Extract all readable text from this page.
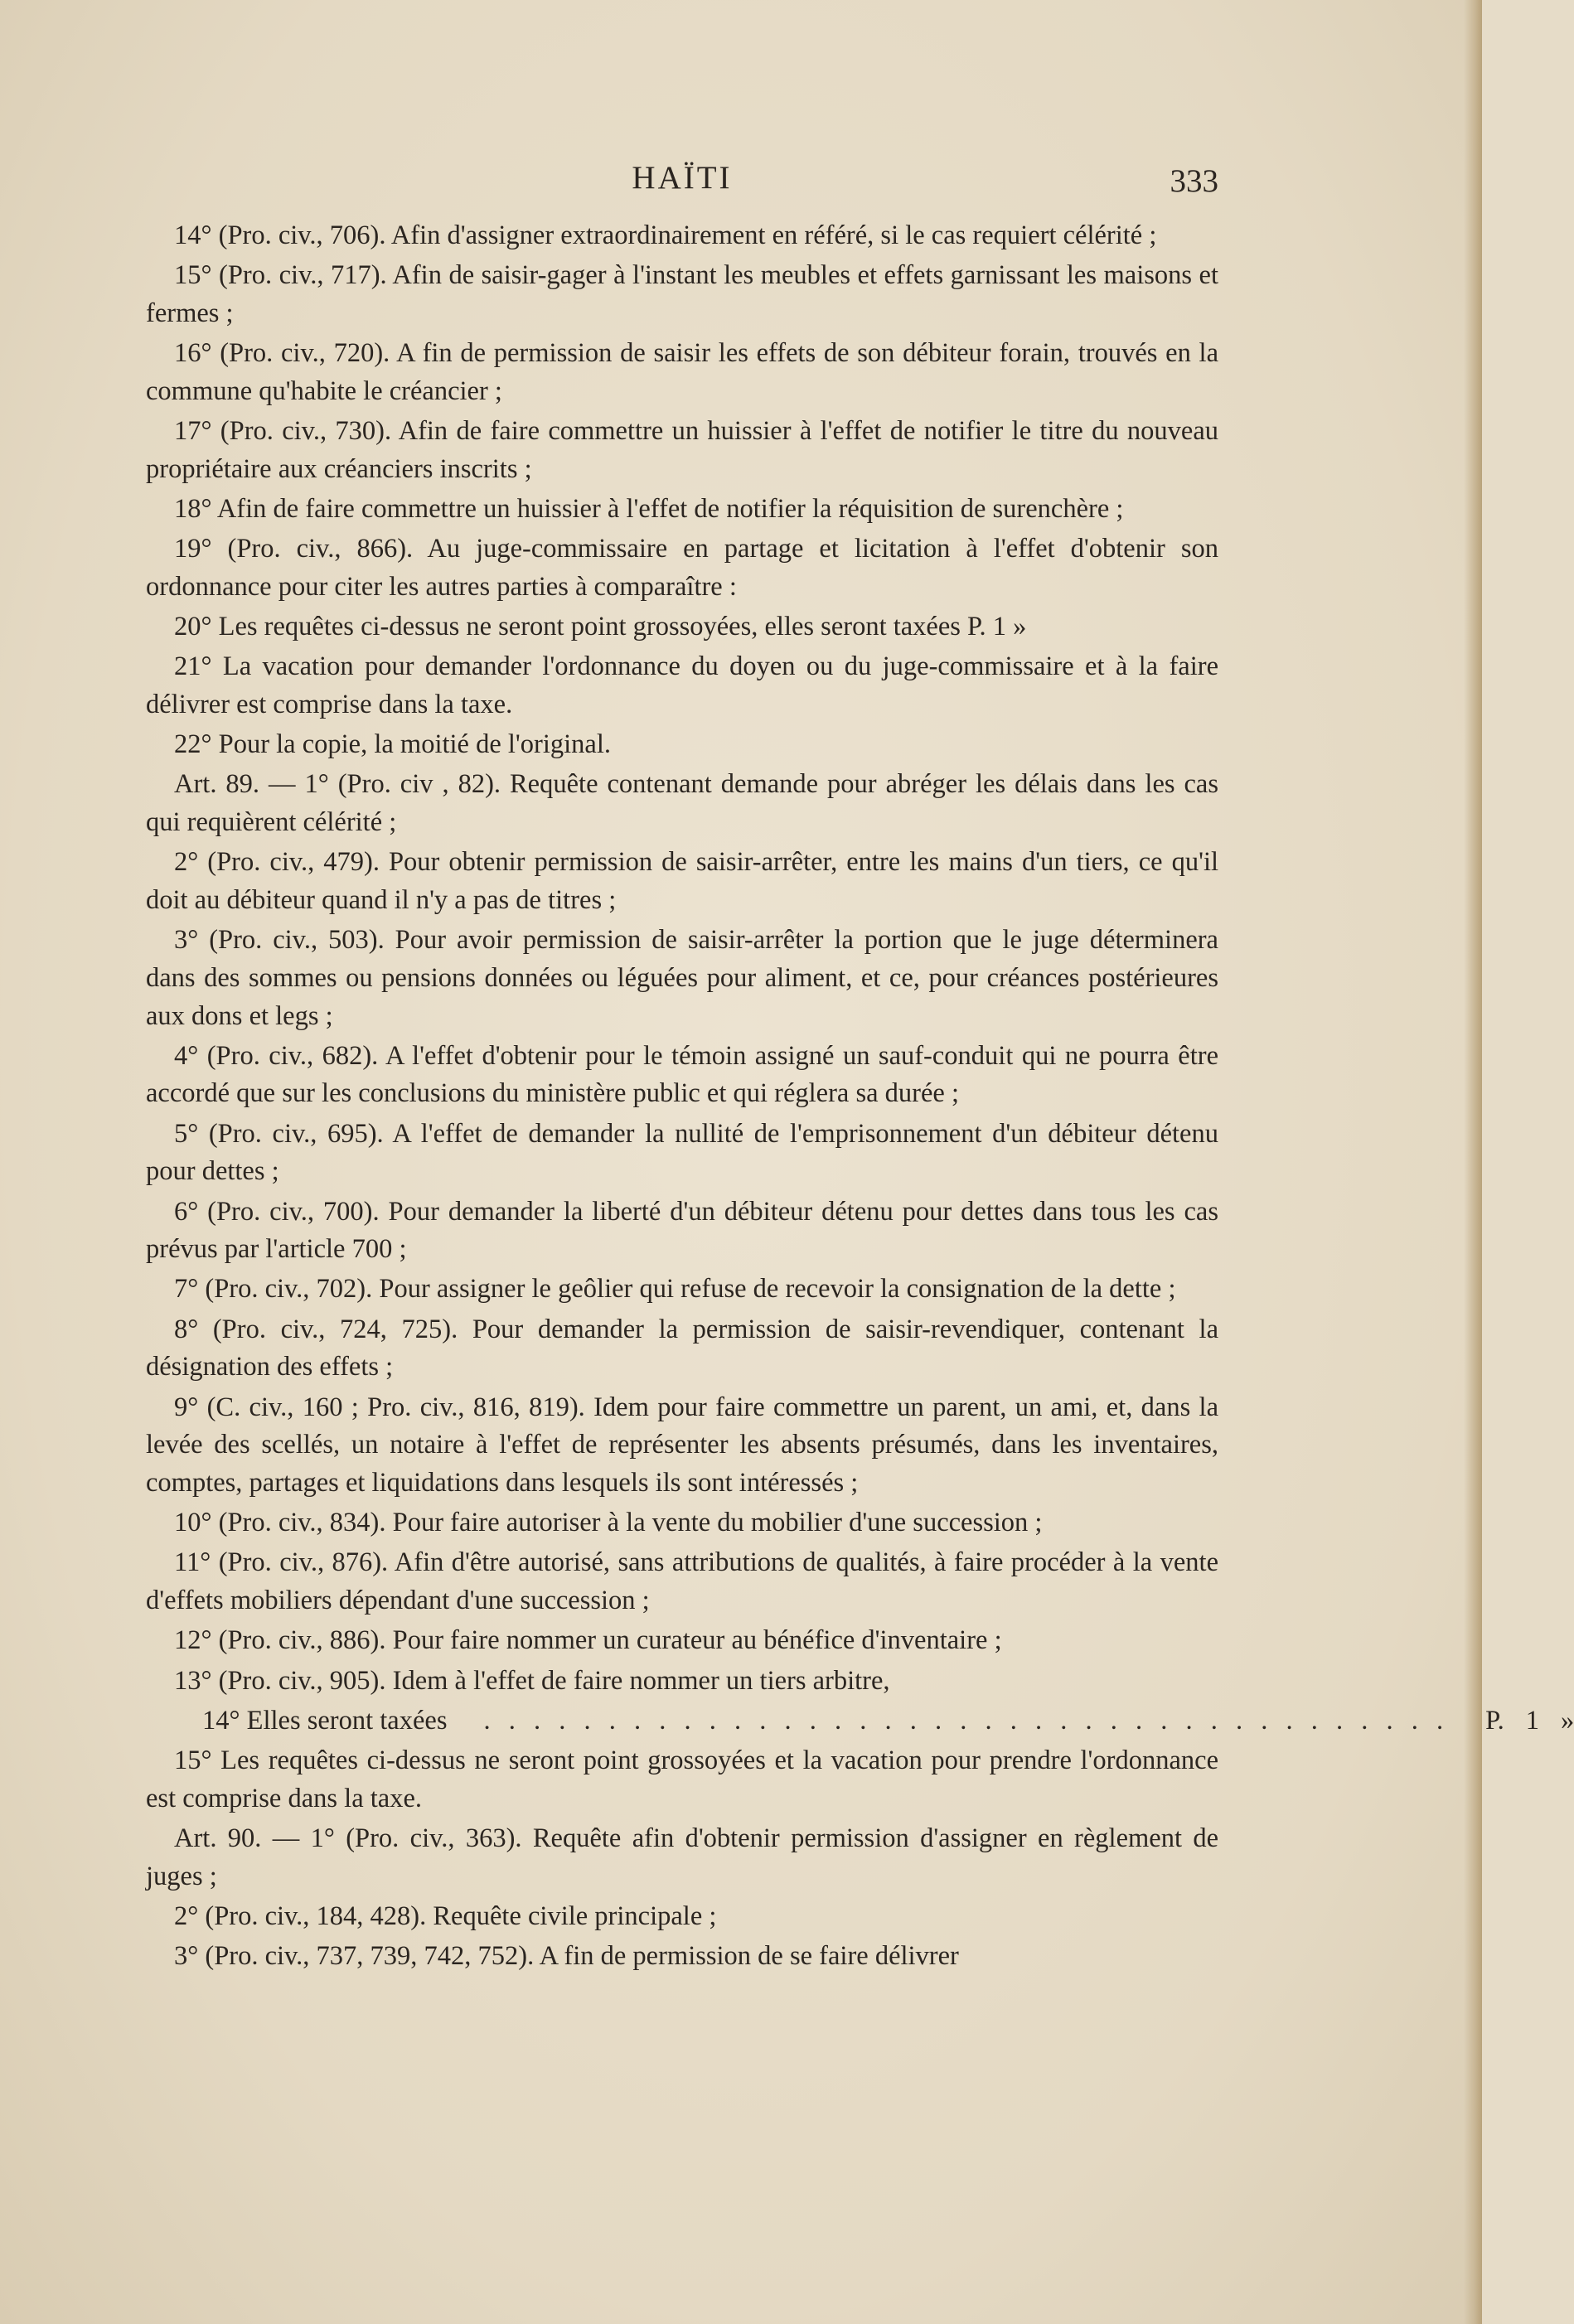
HAÏTI	333

14° (Pro. civ., 706). Afin d'assigner extraordinairement en référé, si le cas requiert célérité ;

15° (Pro. civ., 717). Afin de saisir-gager à l'instant les meubles et effets garnissant les maisons et fermes ;

16° (Pro. civ., 720). A fin de permission de saisir les effets de son débiteur forain, trouvés en la commune qu'habite le créancier ;

17° (Pro. civ., 730). Afin de faire commettre un huissier à l'effet de notifier le titre du nouveau propriétaire aux créanciers inscrits ;

18° Afin de faire commettre un huissier à l'effet de notifier la réquisition de surenchère ;

19° (Pro. civ., 866). Au juge-commissaire en partage et licitation à l'effet d'obtenir son ordonnance pour citer les autres parties à comparaître :

20° Les requêtes ci-dessus ne seront point grossoyées, elles seront taxées P. 1 »

21° La vacation pour demander l'ordonnance du doyen ou du juge-commissaire et à la faire délivrer est comprise dans la taxe.

22° Pour la copie, la moitié de l'original.

Art. 89. — 1° (Pro. civ , 82). Requête contenant demande pour abréger les délais dans les cas qui requièrent célérité ;

2° (Pro. civ., 479). Pour obtenir permission de saisir-arrêter, entre les mains d'un tiers, ce qu'il doit au débiteur quand il n'y a pas de titres ;

3° (Pro. civ., 503). Pour avoir permission de saisir-arrêter la portion que le juge déterminera dans des sommes ou pensions données ou léguées pour aliment, et ce, pour créances postérieures aux dons et legs ;

4° (Pro. civ., 682). A l'effet d'obtenir pour le témoin assigné un sauf-conduit qui ne pourra être accordé que sur les conclusions du ministère public et qui réglera sa durée ;

5° (Pro. civ., 695). A l'effet de demander la nullité de l'emprisonnement d'un débiteur détenu pour dettes ;

6° (Pro. civ., 700). Pour demander la liberté d'un débiteur détenu pour dettes dans tous les cas prévus par l'article 700 ;

7° (Pro. civ., 702). Pour assigner le geôlier qui refuse de recevoir la consignation de la dette ;

8° (Pro. civ., 724, 725). Pour demander la permission de saisir-revendiquer, contenant la désignation des effets ;

9° (C. civ., 160 ; Pro. civ., 816, 819). Idem pour faire commettre un parent, un ami, et, dans la levée des scellés, un notaire à l'effet de représenter les absents présumés, dans les inventaires, comptes, partages et liquidations dans lesquels ils sont intéressés ;

10° (Pro. civ., 834). Pour faire autoriser à la vente du mobilier d'une succession ;

11° (Pro. civ., 876). Afin d'être autorisé, sans attributions de qualités, à faire procéder à la vente d'effets mobiliers dépendant d'une succession ;

12° (Pro. civ., 886). Pour faire nommer un curateur au bénéfice d'inventaire ;

13° (Pro. civ., 905). Idem à l'effet de faire nommer un tiers arbitre,

14° Elles seront taxées	. . . . . . . . . . . . . . . . . . . . . . . . . . . . . . . . . . . . . . .	P. 1 »

15° Les requêtes ci-dessus ne seront point grossoyées et la vacation pour prendre l'ordonnance est comprise dans la taxe.

Art. 90. — 1° (Pro. civ., 363). Requête afin d'obtenir permission d'assigner en règlement de juges ;

2° (Pro. civ., 184, 428). Requête civile principale ;

3° (Pro. civ., 737, 739, 742, 752). A fin de permission de se faire délivrer
